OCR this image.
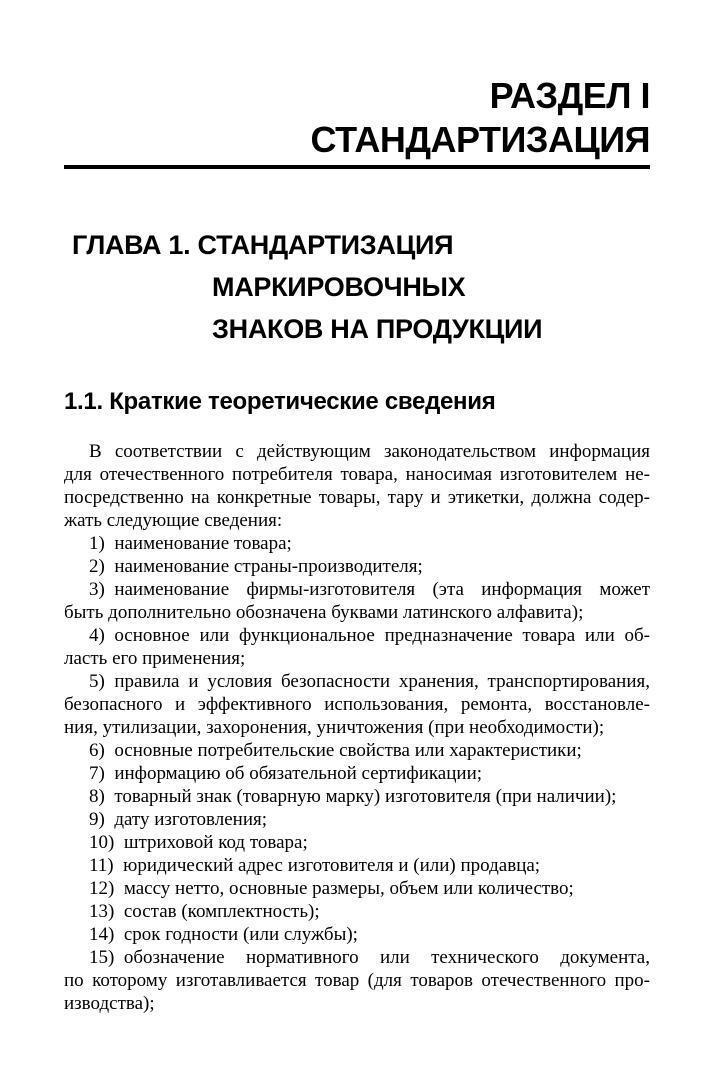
РАЗДЕЛ I
СТАНДАРТИЗАЦИЯ
ГЛАВА 1. СТАНДАРТИЗАЦИЯ
МАРКИРОВОЧНЫХ
ЗНАКОВ НА ПРОДУКЦИИ
1.1. Краткие теоретические сведения
В соответствии с действующим законодательством информация
для отечественного потребителя товара, наносимая изготовителем не-
посредственно на конкретные товары, тару и этикетки, должна содер-
жать следующие сведения:
1) наименование товара;
2) наименование страны-производителя;
3) наименование фирмы-изготовителя (эта информация может
быть дополнительно обозначена буквами латинского алфавита);
4) основное или функциональное предназначение товара или об-
ласть его применения;
5) правила и условия безопасности хранения, транспортирования,
безопасного и эффективного использования, ремонта, восстановле-
ния, утилизации, захоронения, уничтожения (при необходимости);
6) основные потребительские свойства или характеристики;
7) информацию об обязательной сертификации;
8) товарный знак (товарную марку) изготовителя (при наличии);
9) дату изготовления;
10) штриховой код товара;
11) юридический адрес изготовителя и (или) продавца;
12) массу нетто, основные размеры, объем или количество;
13) состав (комплектность);
14) срок годности (или службы);
15) обозначение нормативного или технического документа,
по которому изготавливается товар (для товаров отечественного про-
изводства);
